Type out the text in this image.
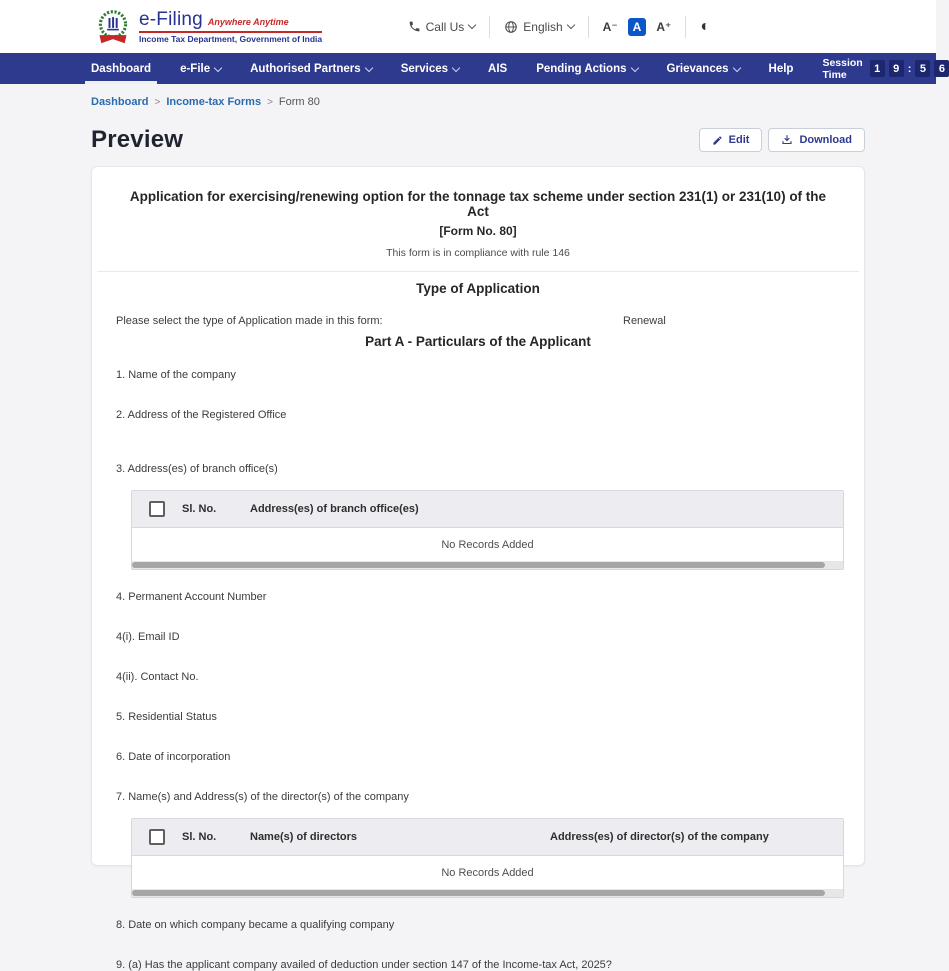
e-Filing Anywhere Anytime
Income Tax Department, Government of India
Call Us	English	A⁻	A	A⁺ ◐
Dashboard	e-File	Authorised Partners	Services	AIS	Pending Actions	Grievances	Help	Session Time	1	9 : 5	6
Dashboard > Income-tax Forms > Form 80
Preview	Edit	Download
Application for exercising/renewing option for the tonnage tax scheme under section 231(1) or 231(10) of the Act
[Form No. 80]
This form is in compliance with rule 146
Type of Application
Please select the type of Application made in this form:	Renewal
Part A - Particulars of the Applicant
1. Name of the company
2. Address of the Registered Office
3. Address(es) of branch office(s)
Sl. No.	Address(es) of branch office(es)
No Records Added
4. Permanent Account Number
4(i). Email ID
4(ii). Contact No.
5. Residential Status
6. Date of incorporation
7. Name(s) and Address(s) of the director(s) of the company
Sl. No.	Name(s) of directors	Address(es) of director(s) of the company
No Records Added
8. Date on which company became a qualifying company
9. (a) Has the applicant company availed of deduction under section 147 of the Income-tax Act, 2025?
